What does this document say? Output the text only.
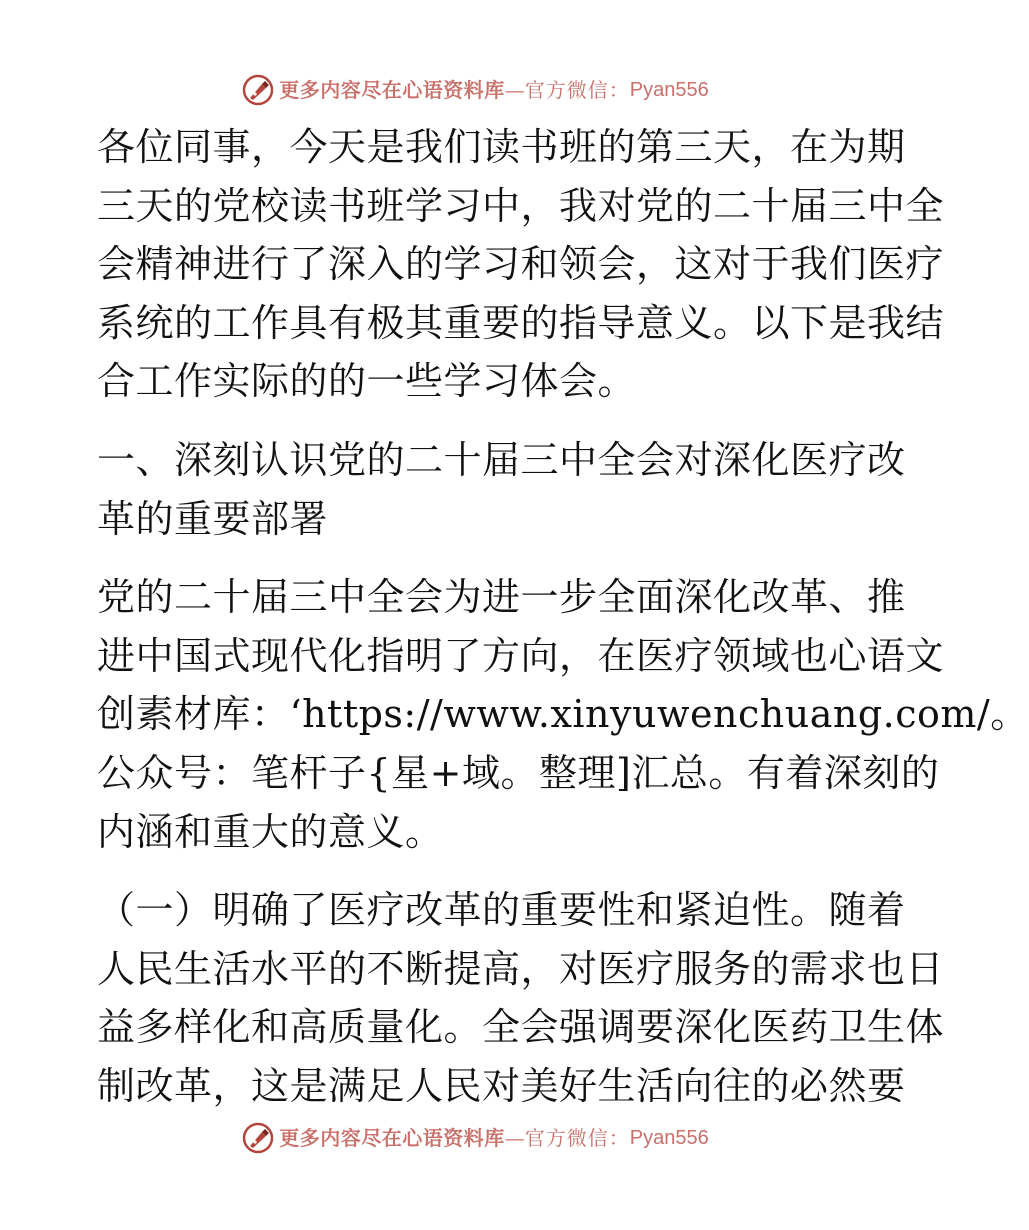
更多内容尽在心语资料库 — 官方微信： Pyan556
各位同事，今天是我们读书班的第三天，在为期
三天的党校读书班学习中，我对党的二十届三中全
会精神进行了深入的学习和领会，这对于我们医疗
系统的工作具有极其重要的指导意义。以下是我结
合工作实际的的一些学习体会。
一、深刻认识党的二十届三中全会对深化医疗改
革的重要部署
党的二十届三中全会为进一步全面深化改革、推
进中国式现代化指明了方向，在医疗领域也心语文
创素材库：‘https://www.xinyuwenchuang.com/。
公众号：笔杆子{星+域。整理]汇总。有着深刻的
内涵和重大的意义。
（一）明确了医疗改革的重要性和紧迫性。随着
人民生活水平的不断提高，对医疗服务的需求也日
益多样化和高质量化。全会强调要深化医药卫生体
制改革，这是满足人民对美好生活向往的必然要
更多内容尽在心语资料库 — 官方微信： Pyan556
